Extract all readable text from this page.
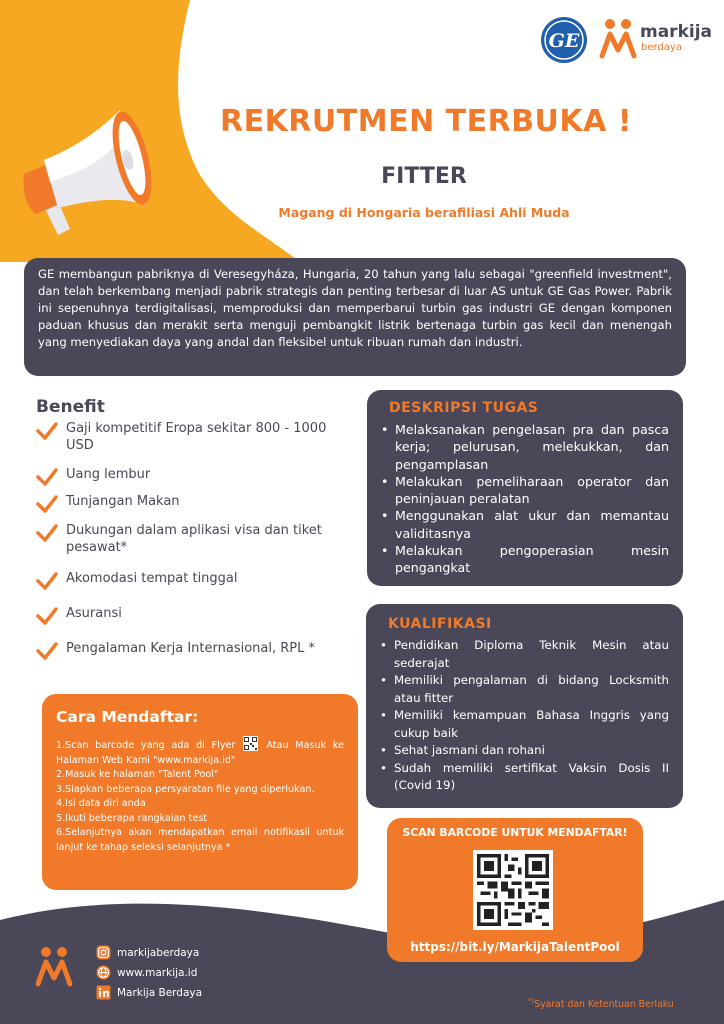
GE	markija
berdaya
REKRUTMEN TERBUKA !
FITTER
Magang di Hongaria berafiliasi Ahli Muda

GE membangun pabriknya di Veresegyháza, Hungaria, 20 tahun yang lalu sebagai "greenfield investment", dan telah berkembang menjadi pabrik strategis dan penting terbesar di luar AS untuk GE Gas Power. Pabrik ini sepenuhnya terdigitalisasi, memproduksi dan memperbarui turbin gas industri GE dengan komponen paduan khusus dan merakit serta menguji pembangkit listrik bertenaga turbin gas kecil dan menengah yang menyediakan daya yang andal dan fleksibel untuk ribuan rumah dan industri.

Benefit
Gaji kompetitif Eropa sekitar 800 - 1000 USD
Uang lembur
Tunjangan Makan
Dukungan dalam aplikasi visa dan tiket pesawat*
Akomodasi tempat tinggal
Asuransi
Pengalaman Kerja Internasional, RPL *
DESKRIPSI TUGAS
• Melaksanakan pengelasan pra dan pasca kerja; pelurusan, melekukkan, dan pengamplasan
• Melakukan pemeliharaan operator dan peninjauan peralatan
• Menggunakan alat ukur dan memantau validitasnya
• Melakukan pengoperasian mesin pengangkat
KUALIFIKASI
• Pendidikan Diploma Teknik Mesin atau sederajat
• Memiliki pengalaman di bidang Locksmith atau fitter
• Memiliki kemampuan Bahasa Inggris yang cukup baik
• Sehat jasmani dan rohani
• Sudah memiliki sertifikat Vaksin Dosis II (Covid 19)
Cara Mendaftar:
1.Scan barcode yang ada di Flyer	Atau Masuk ke Halaman Web Kami "www.markija.id"
2.Masuk ke halaman "Talent Pool"
3.Siapkan beberapa persyaratan file yang diperlukan.
4.Isi data diri anda
5.Ikuti beberapa rangkaian test
6.Selanjutnya akan mendapatkan email notifikasii untuk lanjut ke tahap seleksi selanjutnya *
SCAN BARCODE UNTUK MENDAFTAR!
https://bit.ly/MarkijaTalentPool
markijaberdaya
www.markija.id
Markija Berdaya
*)Syarat dan Ketentuan Berlaku
